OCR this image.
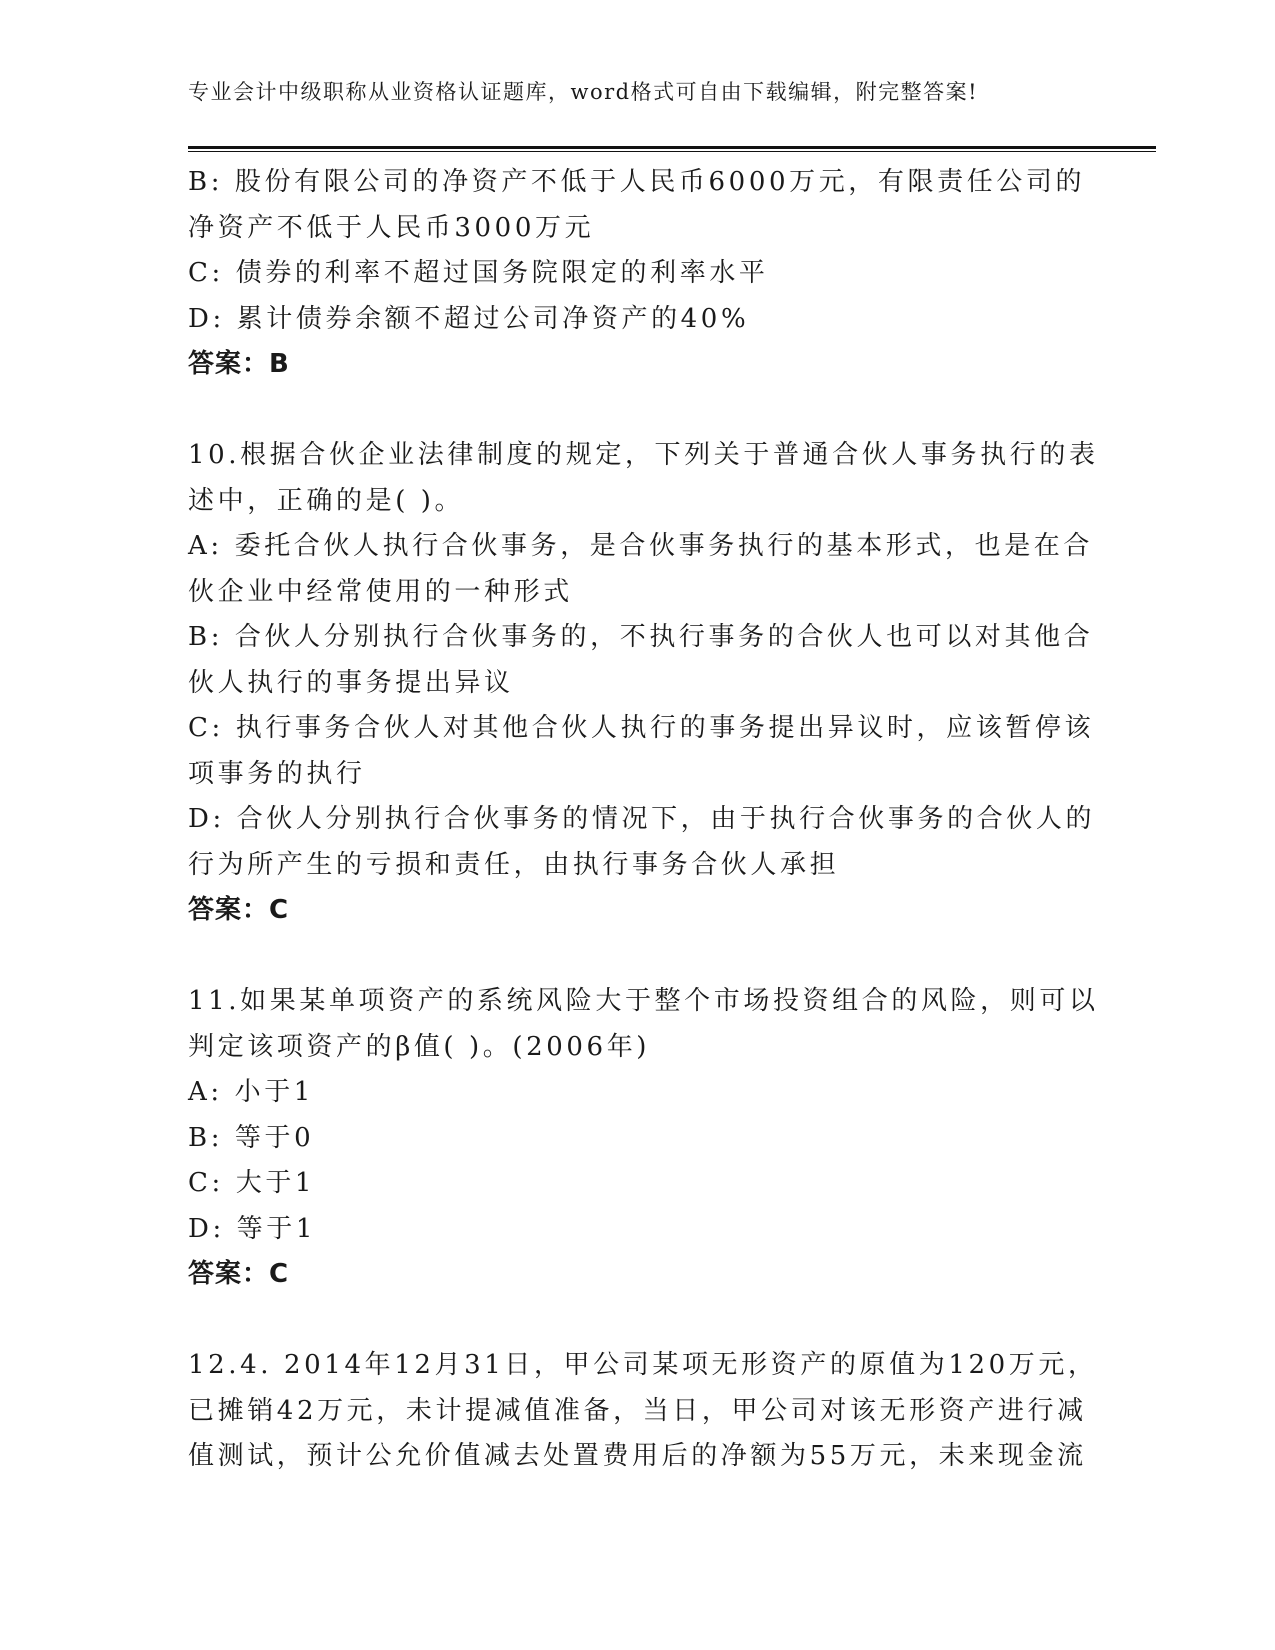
专业会计中级职称从业资格认证题库，word格式可自由下载编辑，附完整答案!
B: 股份有限公司的净资产不低于人民币6000万元，有限责任公司的
净资产不低于人民币3000万元
C: 债券的利率不超过国务院限定的利率水平
D: 累计债券余额不超过公司净资产的40%
答案：B
10.根据合伙企业法律制度的规定，下列关于普通合伙人事务执行的表
述中，正确的是( )。
A: 委托合伙人执行合伙事务，是合伙事务执行的基本形式，也是在合
伙企业中经常使用的一种形式
B: 合伙人分别执行合伙事务的，不执行事务的合伙人也可以对其他合
伙人执行的事务提出异议
C: 执行事务合伙人对其他合伙人执行的事务提出异议时，应该暂停该
项事务的执行
D: 合伙人分别执行合伙事务的情况下，由于执行合伙事务的合伙人的
行为所产生的亏损和责任，由执行事务合伙人承担
答案：C
11.如果某单项资产的系统风险大于整个市场投资组合的风险，则可以
判定该项资产的β值( )。(2006年)
A: 小于1
B: 等于0
C: 大于1
D: 等于1
答案：C
12.4. 2014年12月31日，甲公司某项无形资产的原值为120万元，
已摊销42万元，未计提减值准备，当日，甲公司对该无形资产进行减
值测试，预计公允价值减去处置费用后的净额为55万元，未来现金流
